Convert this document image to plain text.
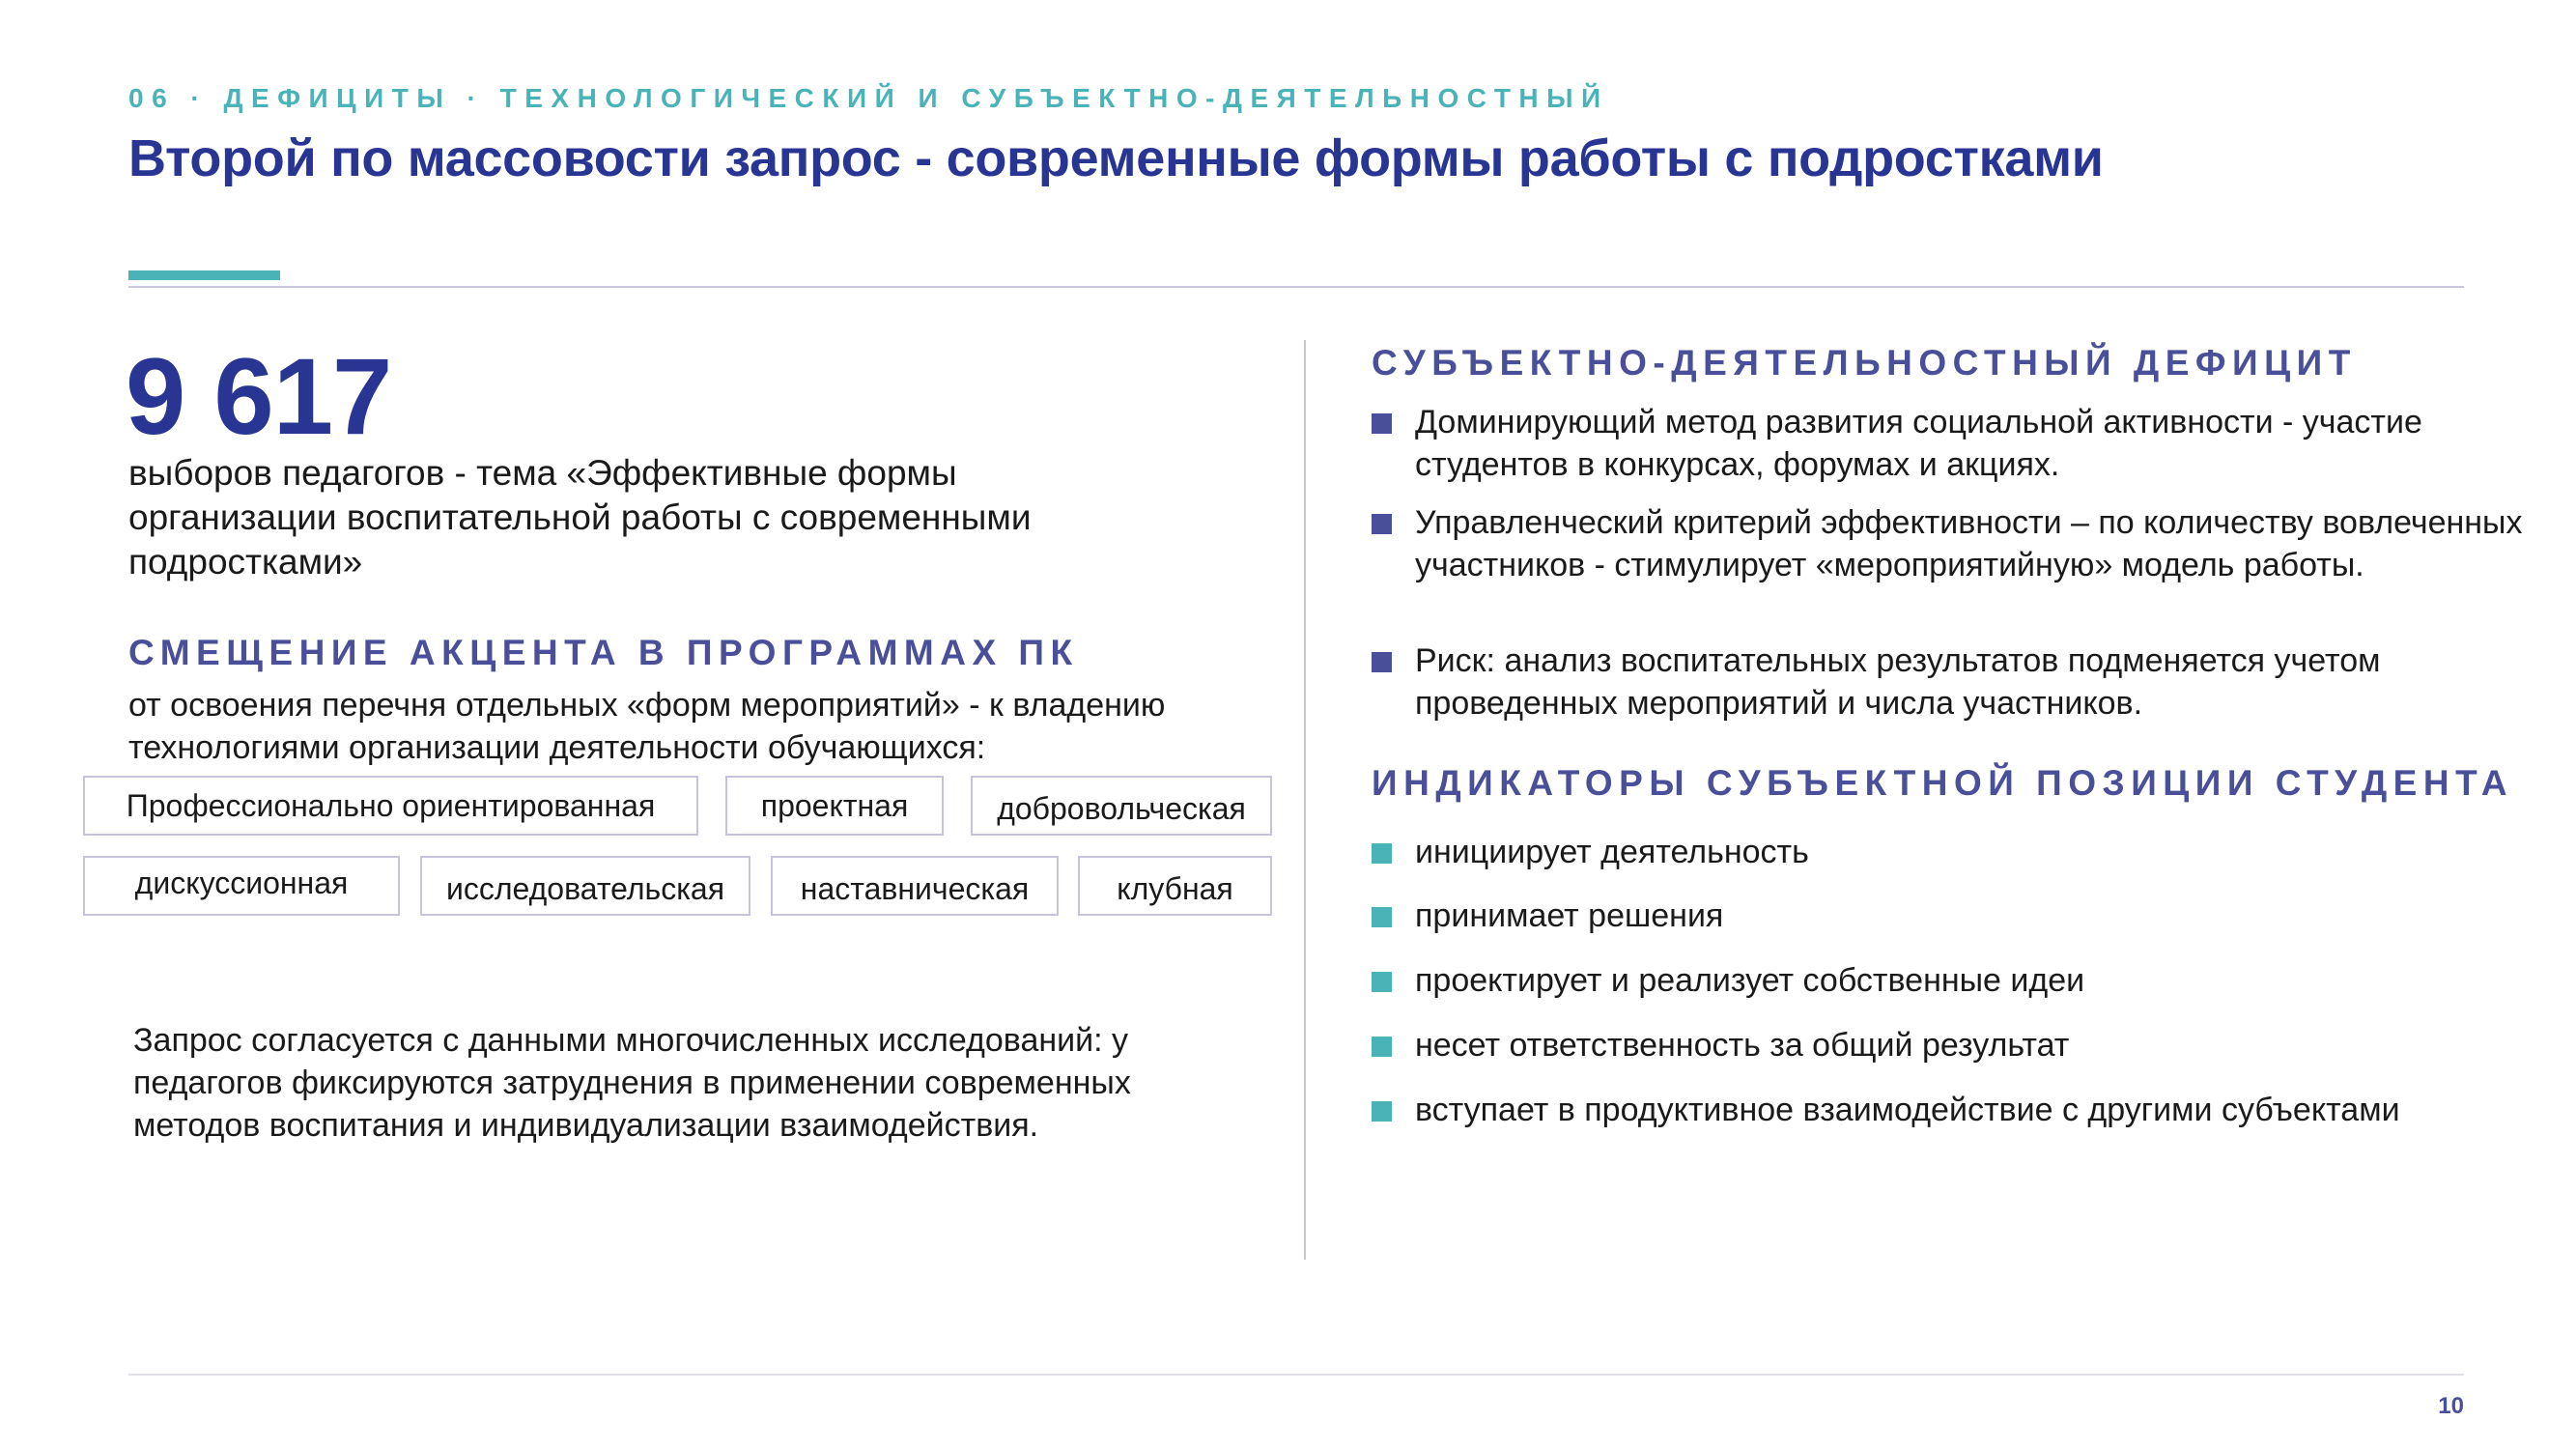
06 · ДЕФИЦИТЫ · ТЕХНОЛОГИЧЕСКИЙ И СУБЪЕКТНО-ДЕЯТЕЛЬНОСТНЫЙ
Второй по массовости запрос - современные формы работы с подростками
9 617
выборов педагогов - тема «Эффективные формы организации воспитательной работы с современными подростками»
СМЕЩЕНИЕ АКЦЕНТА В ПРОГРАММАХ ПК
от освоения перечня отдельных «форм мероприятий» - к владению технологиями организации деятельности обучающихся:
Профессионально ориентированная	проектная	добровольческая
дискуссионная	исследовательская	наставническая	клубная
Запрос согласуется с данными многочисленных исследований: у педагогов фиксируются затруднения в применении современных методов воспитания и индивидуализации взаимодействия.
СУБЪЕКТНО-ДЕЯТЕЛЬНОСТНЫЙ ДЕФИЦИТ
Доминирующий метод развития социальной активности - участие студентов в конкурсах, форумах и акциях.
Управленческий критерий эффективности – по количеству вовлеченных участников - стимулирует «мероприятийную» модель работы.
Риск: анализ воспитательных результатов подменяется учетом проведенных мероприятий и числа участников.
ИНДИКАТОРЫ СУБЪЕКТНОЙ ПОЗИЦИИ СТУДЕНТА
инициирует деятельность
принимает решения
проектирует и реализует собственные идеи
несет ответственность за общий результат
вступает в продуктивное взаимодействие с другими субъектами
10
